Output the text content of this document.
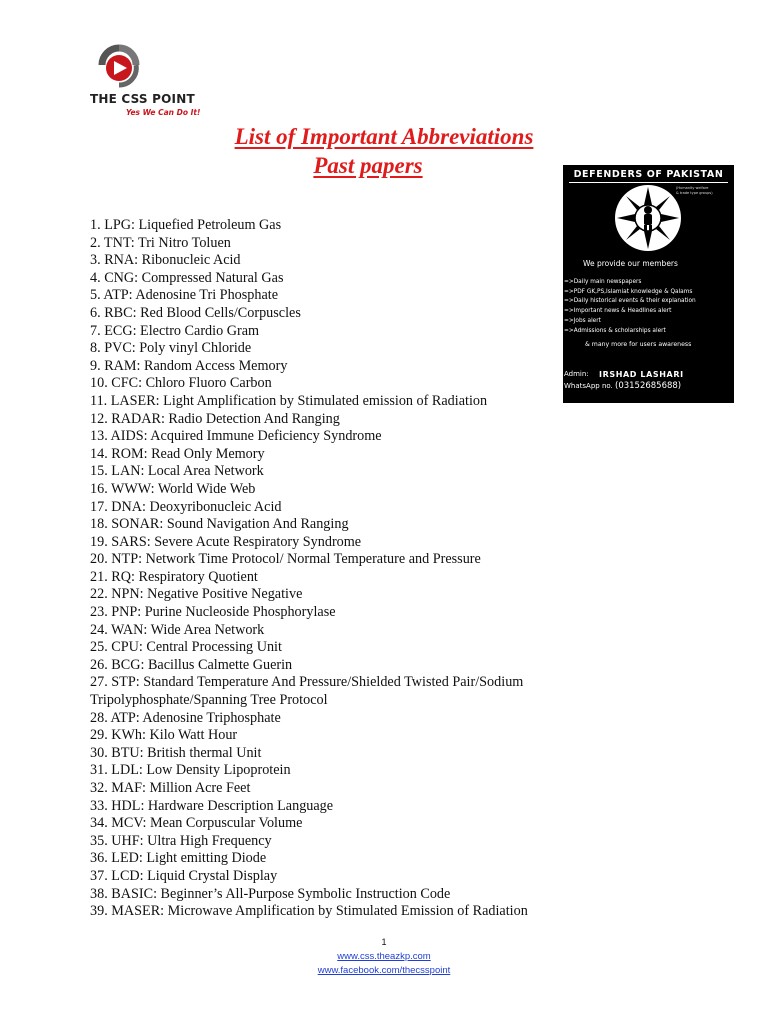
THE CSS POINT
Yes We Can Do It!
List of Important Abbreviations
Past papers
1. LPG: Liquefied Petroleum Gas
2. TNT: Tri Nitro Toluen
3. RNA: Ribonucleic Acid
4. CNG: Compressed Natural Gas
5. ATP: Adenosine Tri Phosphate
6. RBC: Red Blood Cells/Corpuscles
7. ECG: Electro Cardio Gram
8. PVC: Poly vinyl Chloride
9. RAM: Random Access Memory
10. CFC: Chloro Fluoro Carbon
11. LASER: Light Amplification by Stimulated emission of Radiation
12. RADAR: Radio Detection And Ranging
13. AIDS: Acquired Immune Deficiency Syndrome
14. ROM: Read Only Memory
15. LAN: Local Area Network
16. WWW: World Wide Web
17. DNA: Deoxyribonucleic Acid
18. SONAR: Sound Navigation And Ranging
19. SARS: Severe Acute Respiratory Syndrome
20. NTP: Network Time Protocol/ Normal Temperature and Pressure
21. RQ: Respiratory Quotient
22. NPN: Negative Positive Negative
23. PNP: Purine Nucleoside Phosphorylase
24. WAN: Wide Area Network
25. CPU: Central Processing Unit
26. BCG: Bacillus Calmette Guerin
27. STP: Standard Temperature And Pressure/Shielded Twisted Pair/Sodium Tripolyphosphate/Spanning Tree Protocol
28. ATP: Adenosine Triphosphate
29. KWh: Kilo Watt Hour
30. BTU: British thermal Unit
31. LDL: Low Density Lipoprotein
32. MAF: Million Acre Feet
33. HDL: Hardware Description Language
34. MCV: Mean Corpuscular Volume
35. UHF: Ultra High Frequency
36. LED: Light emitting Diode
37. LCD: Liquid Crystal Display
38. BASIC: Beginner’s All-Purpose Symbolic Instruction Code
39. MASER: Microwave Amplification by Stimulated Emission of Radiation
DEFENDERS OF PAKISTAN
(Humanity welfare
& trade type groups)
We provide our members
=>Daily main newspapers
=>PDF GK,PS,Islamiat knowledge & Qalams
=>Daily historical events & their explanation
=>Important news & Headlines alert
=>Jobs alert
=>Admissions & scholarships alert
& many more for users awareness
Admin: IRSHAD LASHARI
WhatsApp no. (03152685688)
1
www.css.theazkp.com
www.facebook.com/thecsspoint
